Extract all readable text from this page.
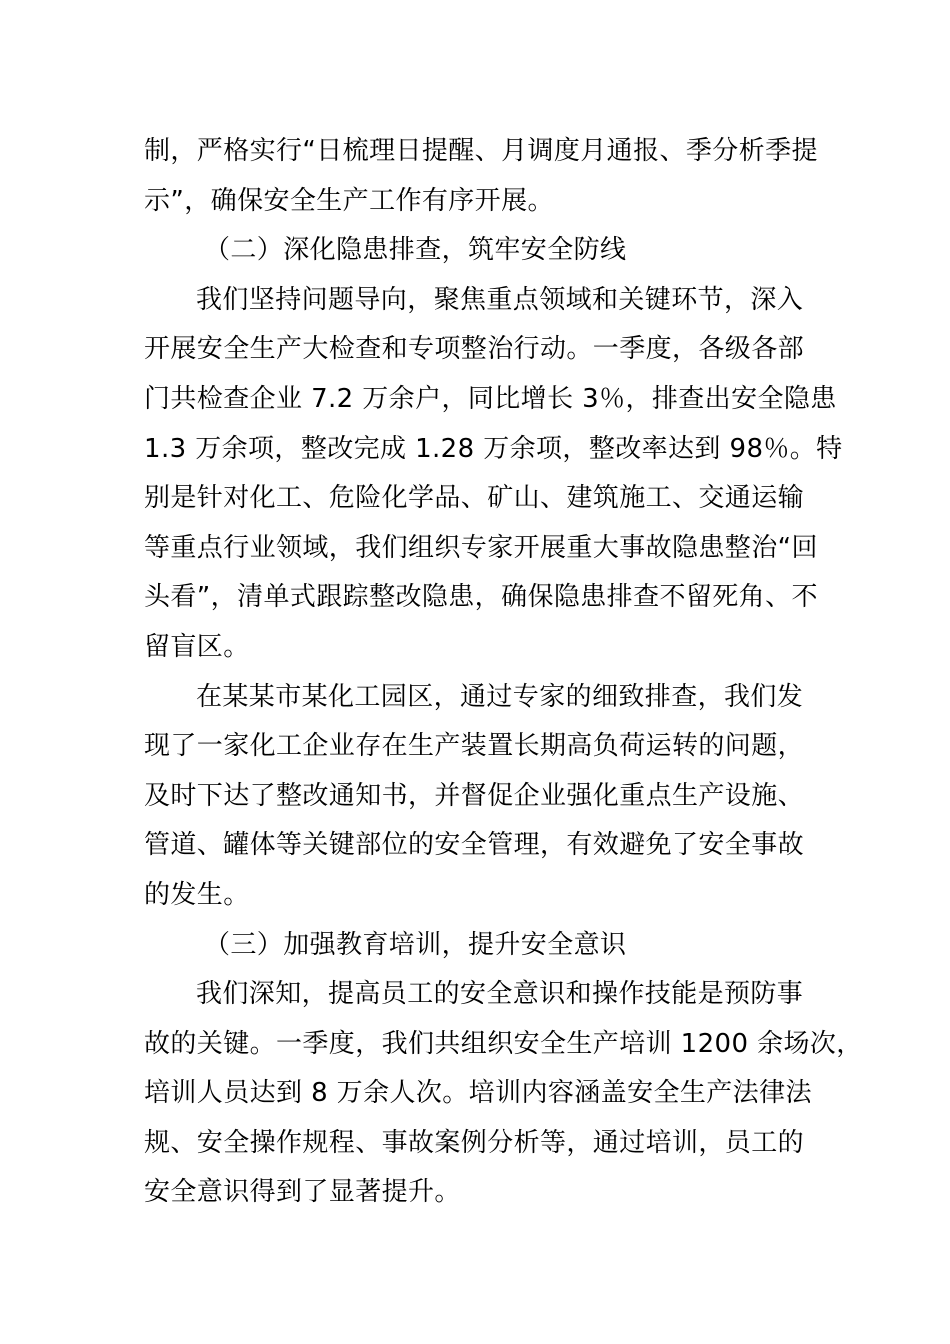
制，严格实行“日梳理日提醒、月调度月通报、季分析季提
示”，确保安全生产工作有序开展。
（二）深化隐患排查，筑牢安全防线
我们坚持问题导向，聚焦重点领域和关键环节，深入
开展安全生产大检查和专项整治行动。一季度，各级各部
门共检查企业 7.2 万余户，同比增长 3％，排查出安全隐患
1.3 万余项，整改完成 1.28 万余项，整改率达到 98％。特
别是针对化工、危险化学品、矿山、建筑施工、交通运输
等重点行业领域，我们组织专家开展重大事故隐患整治“回
头看”，清单式跟踪整改隐患，确保隐患排查不留死角、不
留盲区。
在某某市某化工园区，通过专家的细致排查，我们发
现了一家化工企业存在生产装置长期高负荷运转的问题，
及时下达了整改通知书，并督促企业强化重点生产设施、
管道、罐体等关键部位的安全管理，有效避免了安全事故
的发生。
（三）加强教育培训，提升安全意识
我们深知，提高员工的安全意识和操作技能是预防事
故的关键。一季度，我们共组织安全生产培训 1200 余场次，
培训人员达到 8 万余人次。培训内容涵盖安全生产法律法
规、安全操作规程、事故案例分析等，通过培训，员工的
安全意识得到了显著提升。
